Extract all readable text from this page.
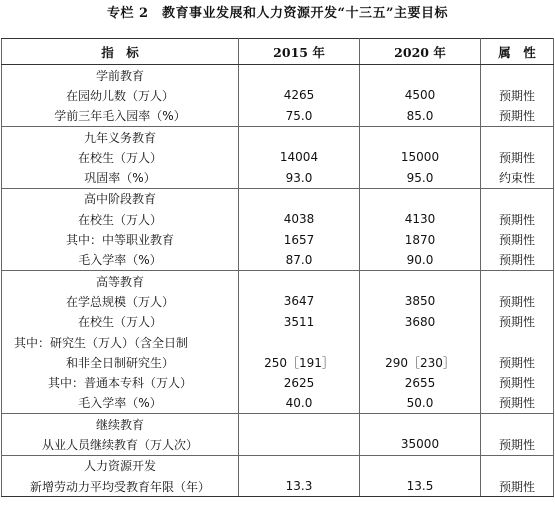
专栏 2　教育事业发展和人力资源开发“十三五”主要目标
指　标	2015 年	2020 年	属　性
学前教育			
在园幼儿数（万人）	4265	4500	预期性
学前三年毛入园率（%）	75.0	85.0	预期性
九年义务教育			
在校生（万人）	14004	15000	预期性
巩固率（%）	93.0	95.0	约束性
高中阶段教育			
在校生（万人）	4038	4130	预期性
其中：中等职业教育	1657	1870	预期性
毛入学率（%）	87.0	90.0	预期性
高等教育			
在学总规模（万人）	3647	3850	预期性
在校生（万人）	3511	3680	预期性
其中：研究生（万人）（含全日制			
和非全日制研究生）	250［191］	290［230］	预期性
其中：普通本专科（万人）	2625	2655	预期性
毛入学率（%）	40.0	50.0	预期性
继续教育			
从业人员继续教育（万人次）		35000	预期性
人力资源开发			
新增劳动力平均受教育年限（年）	13.3	13.5	预期性
